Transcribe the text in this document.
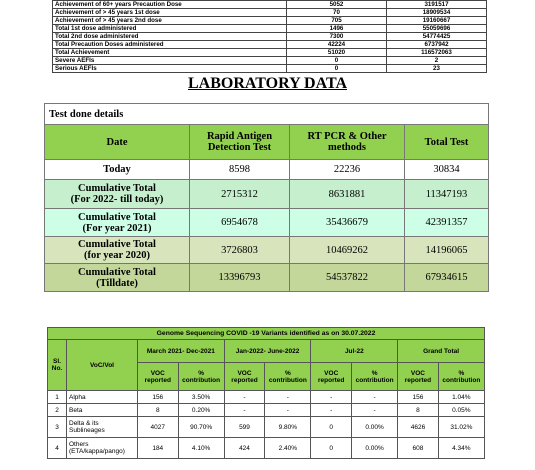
Achievement of 60+ years Precaution Dose	5052	3191517
Achievement of > 45 years 1st dose	70	18909534
Achievement of > 45 years 2nd dose	705	19160667
Total 1st dose administered	1496	55059696
Total 2nd dose administered	7300	54774425
Total Precaution Doses administered	42224	6737942
Total Achievement	51020	116572063
Severe AEFIs	0	2
Serious AEFIs	0	23
LABORATORY DATA
Test done details			
Date	Rapid Antigen Detection Test	RT PCR & Other methods	Total Test
Today	8598	22236	30834
Cumulative Total
(For 2022- till today)	2715312	8631881	11347193
Cumulative Total
(For year 2021)	6954678	35436679	42391357
Cumulative Total
(for year 2020)	3726803	10469262	14196065
Cumulative Total
(Tilldate)	13396793	54537822	67934615
Genome Sequencing COVID -19 Variants identified as on 30.07.2022									
Sl. No.	VoC/VoI	March 2021- Dec-2021		Jan-2022- June-2022		Jul-22		Grand Total	
		VOC reported	% contribution	VOC reported	% contribution	VOC reported	% contribution	VOC reported	% contribution
1	Alpha	156	3.50%	-	-	-	-	156	1.04%
2	Beta	8	0.20%	-	-	-	-	8	0.05%
3	Delta & its Sublineages	4027	90.70%	599	9.80%	0	0.00%	4626	31.02%
4	Others (ETA/kappa/pango)	184	4.10%	424	2.40%	0	0.00%	608	4.34%
